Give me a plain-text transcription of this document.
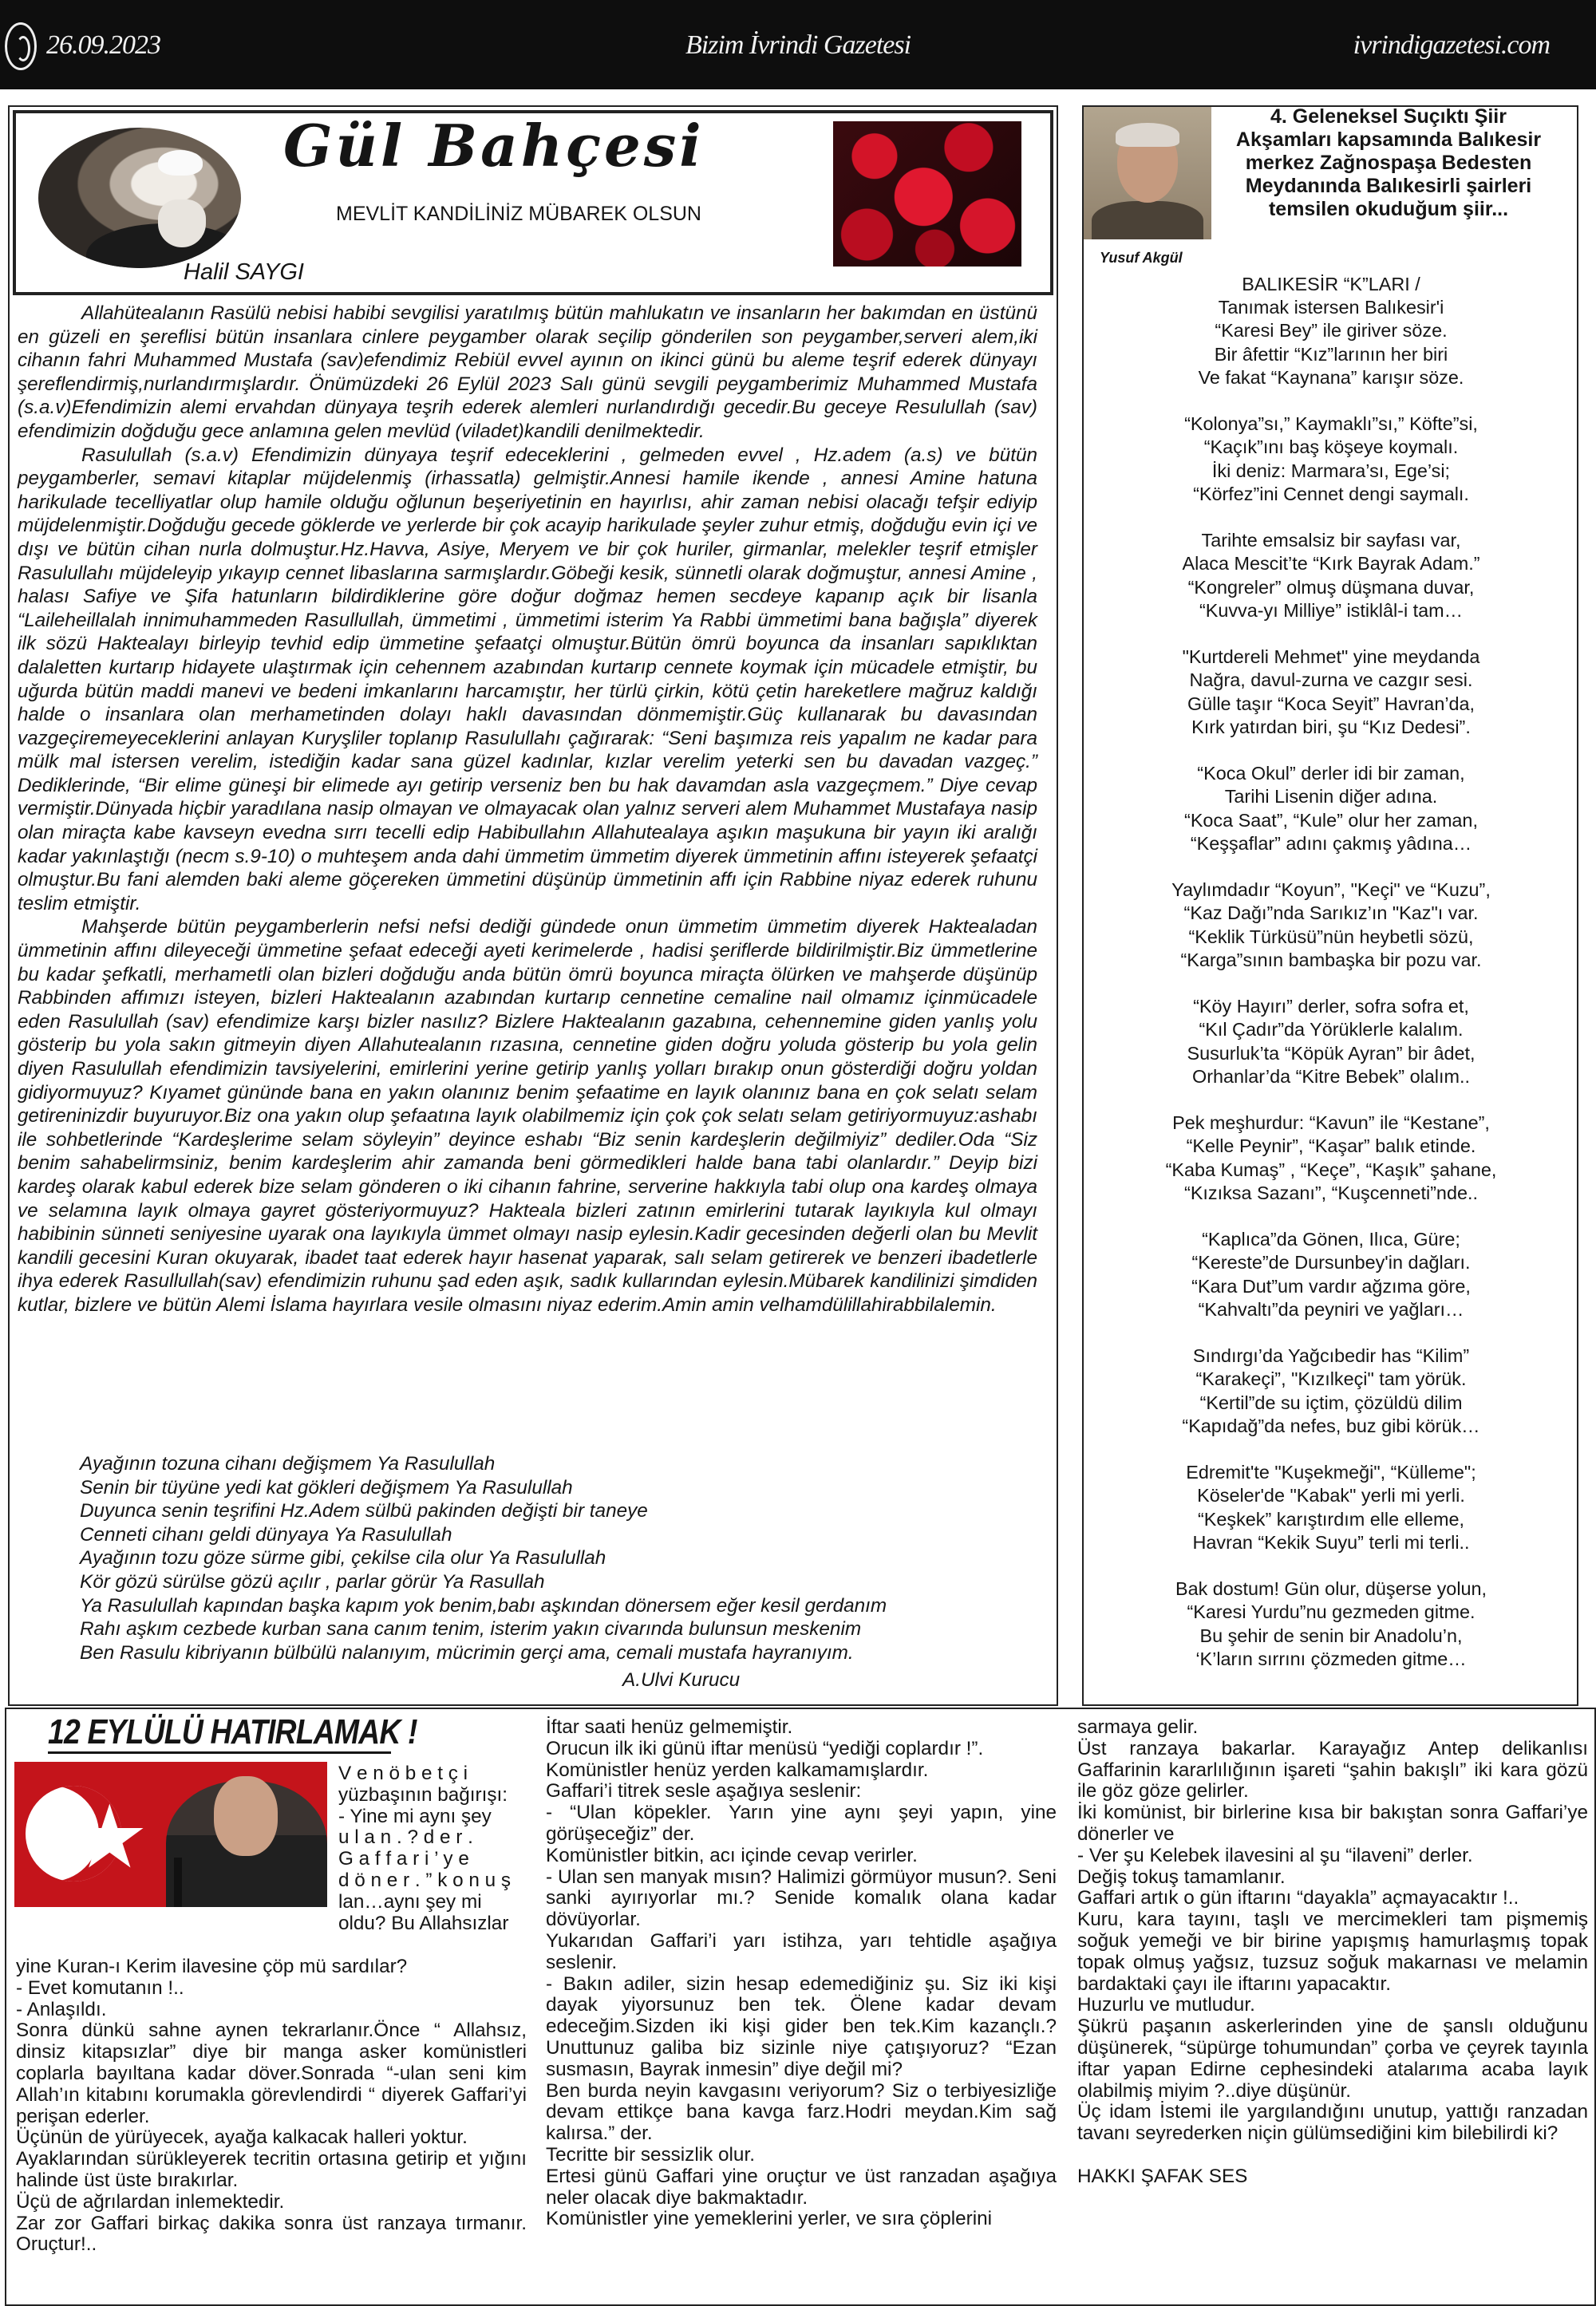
26.09.2023	Bizim İvrindi Gazetesi	ivrindigazetesi.com
Gül Bahçesi
MEVLİT KANDİLİNİZ MÜBAREK OLSUN
Halil SAYGI

Allahütealanın Rasülü nebisi habibi sevgilisi yaratılmış bütün mahlukatın ve insanların her bakımdan en üstünü en güzeli en şereflisi bütün insanlara cinlere peygamber olarak seçilip gönderilen son peygamber,serveri alem,iki cihanın fahri Muhammed Mustafa (sav)efendimiz Rebiül evvel ayının on ikinci günü bu aleme teşrif ederek dünyayı şereflendirmiş,nurlandırmışlardır. Önümüzdeki 26 Eylül 2023 Salı günü sevgili peygamberimiz Muhammed Mustafa (s.a.v)Efendimizin alemi ervahdan dünyaya teşrih ederek alemleri nurlandırdığı gecedir.Bu geceye Resulullah (sav) efendimizin doğduğu gece anlamına gelen mevlüd (viladet)kandili denilmektedir.

Rasulullah (s.a.v) Efendimizin dünyaya teşrif edeceklerini , gelmeden evvel , Hz.adem (a.s) ve bütün peygamberler, semavi kitaplar müjdelenmiş (irhassatla) gelmiştir.Annesi hamile ikende , annesi Amine hatuna harikulade tecelliyatlar olup hamile olduğu oğlunun beşeriyetinin en hayırlısı, ahir zaman nebisi olacağı tefşir ediyip müjdelenmiştir.Doğduğu gecede göklerde ve yerlerde bir çok acayip harikulade şeyler zuhur etmiş, doğduğu evin içi ve dışı ve bütün cihan nurla dolmuştur.Hz.Havva, Asiye, Meryem ve bir çok huriler, girmanlar, melekler teşrif etmişler Rasulullahı müjdeleyip yıkayıp cennet libaslarına sarmışlardır.Göbeği kesik, sünnetli olarak doğmuştur, annesi Amine , halası Safiye ve Şifa hatunların bildirdiklerine göre doğur doğmaz hemen secdeye kapanıp açık bir lisanla “Laileheillalah innimuhammeden Rasullullah, ümmetimi , ümmetimi isterim Ya Rabbi ümmetimi bana bağışla” diyerek ilk sözü Haktealayı birleyip tevhid edip ümmetine şefaatçi olmuştur.Bütün ömrü boyunca da insanları sapıklıktan dalaletten kurtarıp hidayete ulaştırmak için cehennem azabından kurtarıp cennete koymak için mücadele etmiştir, bu uğurda bütün maddi manevi ve bedeni imkanlarını harcamıştır, her türlü çirkin, kötü çetin hareketlere mağruz kaldığı halde o insanlara olan merhametinden dolayı haklı davasından dönmemiştir.Güç kullanarak bu davasından vazgeçiremeyeceklerini anlayan Kuryşliler toplanıp Rasulullahı çağırarak: “Seni başımıza reis yapalım ne kadar para mülk mal istersen verelim, istediğin kadar sana güzel kadınlar, kızlar verelim yeterki sen bu davadan vazgeç.” Dediklerinde, “Bir elime güneşi bir elimede ayı getirip verseniz ben bu hak davamdan asla vazgeçmem.” Diye cevap vermiştir.Dünyada hiçbir yaradılana nasip olmayan ve olmayacak olan yalnız serveri alem Muhammet Mustafaya nasip olan miraçta kabe kavseyn evedna sırrı tecelli edip Habibullahın Allahutealaya aşıkın maşukuna bir yayın iki aralığı kadar yakınlaştığı (necm s.9-10) o muhteşem anda dahi ümmetim ümmetim diyerek ümmetinin affını isteyerek şefaatçi olmuştur.Bu fani alemden baki aleme göçereken ümmetini düşünüp ümmetinin affı için Rabbine niyaz ederek ruhunu teslim etmiştir.

Mahşerde bütün peygamberlerin nefsi nefsi dediği gündede onun ümmetim ümmetim diyerek Haktealadan ümmetinin affını dileyeceği ümmetine şefaat edeceği ayeti kerimelerde , hadisi şeriflerde bildirilmiştir.Biz ümmetlerine bu kadar şefkatli, merhametli olan bizleri doğduğu anda bütün ömrü boyunca miraçta ölürken ve mahşerde düşünüp Rabbinden affımızı isteyen, bizleri Haktealanın azabından kurtarıp cennetine cemaline nail olmamız içinmücadele eden Rasulullah (sav) efendimize karşı bizler nasılız? Bizlere Haktealanın gazabına, cehennemine giden yanlış yolu gösterip bu yola sakın gitmeyin diyen Allahutealanın rızasına, cennetine giden doğru yoluda gösterip bu yola gelin diyen Rasulullah efendimizin tavsiyelerini, emirlerini yerine getirip yanlış yolları bırakıp onun gösterdiği doğru yoldan gidiyormuyuz? Kıyamet gününde bana en yakın olanınız benim şefaatime en layık olanınız bana en çok selatı selam getireninizdir buyuruyor.Biz ona yakın olup şefaatına layık olabilmemiz için çok çok selatı selam getiriyormuyuz:ashabı ile sohbetlerinde “Kardeşlerime selam söyleyin” deyince eshabı “Biz senin kardeşlerin değilmiyiz” dediler.Oda “Siz benim sahabelirmsiniz, benim kardeşlerim ahir zamanda beni görmedikleri halde bana tabi olanlardır.” Deyip bizi kardeş olarak kabul ederek bize selam gönderen o iki cihanın fahrine, serverine hakkıyla tabi olup ona kardeş olmaya ve selamına layık olmaya gayret gösteriyormuyuz? Hakteala bizleri zatının emirlerini tutarak layıkıyla kul olmayı habibinin sünneti seniyesine uyarak ona layıkıyla ümmet olmayı nasip eylesin.Kadir gecesinden değerli olan bu Mevlit kandili gecesini Kuran okuyarak, ibadet taat ederek hayır hasenat yaparak, salı selam getirerek ve benzeri ibadetlerle ihya ederek Rasullullah(sav) efendimizin ruhunu şad eden aşık, sadık kullarından eylesin.Mübarek kandilinizi şimdiden kutlar, bizlere ve bütün Alemi İslama hayırlara vesile olmasını niyaz ederim.Amin amin velhamdülillahirabbilalemin.

Ayağının tozuna cihanı değişmem Ya Rasulullah
Senin bir tüyüne yedi kat gökleri değişmem Ya Rasulullah
Duyunca senin teşrifini Hz.Adem sülbü pakinden değişti bir taneye
Cenneti cihanı geldi dünyaya Ya Rasulullah
Ayağının tozu göze sürme gibi, çekilse cila olur Ya Rasulullah
Kör gözü sürülse gözü açılır , parlar görür Ya Rasullah
Ya Rasulullah kapından başka kapım yok benim,babı aşkından dönersem eğer kesil gerdanım
Rahı aşkım cezbede kurban sana canım tenim, isterim yakın civarında bulunsun meskenim
Ben Rasulu kibriyanın bülbülü nalanıyım, mücrimin gerçi ama, cemali mustafa hayranıyım.
A.Ulvi Kurucu
Yusuf Akgül
4. Geleneksel Suçıktı Şiir Akşamları kapsamında Balıkesir merkez Zağnospaşa Bedesten Meydanında Balıkesirli şairleri temsilen okuduğum şiir...
BALIKESİR “K”LARI /
Tanımak istersen Balıkesir'i
“Karesi Bey” ile giriver söze.
Bir âfettir “Kız”larının her biri
Ve fakat “Kaynana” karışır söze.
“Kolonya”sı,” Kaymaklı”sı,” Köfte”si,
“Kaçık”ını baş köşeye koymalı.
İki deniz: Marmara’sı, Ege’si;
“Körfez”ini Cennet dengi saymalı.
Tarihte emsalsiz bir sayfası var,
Alaca Mescit’te “Kırk Bayrak Adam.”
“Kongreler” olmuş düşmana duvar,
“Kuvva-yı Milliye” istiklâl-i tam…
"Kurtdereli Mehmet" yine meydanda
Nağra, davul-zurna ve cazgır sesi.
Gülle taşır “Koca Seyit” Havran’da,
Kırk yatırdan biri, şu “Kız Dedesi”.
“Koca Okul” derler idi bir zaman,
Tarihi Lisenin diğer adına.
“Koca Saat”, “Kule” olur her zaman,
“Keşşaflar” adını çakmış yâdına…
Yaylımdadır “Koyun”, "Keçi" ve “Kuzu”,
“Kaz Dağı”nda Sarıkız’ın "Kaz"ı var.
“Keklik Türküsü”nün heybetli sözü,
“Karga”sının bambaşka bir pozu var.
“Köy Hayırı” derler, sofra sofra et,
“Kıl Çadır”da Yörüklerle kalalım.
Susurluk’ta “Köpük Ayran” bir âdet,
Orhanlar’da “Kitre Bebek” olalım..
Pek meşhurdur: “Kavun” ile “Kestane”,
“Kelle Peynir”, “Kaşar” balık etinde.
“Kaba Kumaş” , “Keçe”, “Kaşık” şahane,
“Kızıksa Sazanı”, “Kuşcenneti”nde..
“Kaplıca”da Gönen, Ilıca, Güre;
“Kereste”de Dursunbey'in dağları.
“Kara Dut”um vardır ağzıma göre,
“Kahvaltı”da peyniri ve yağları…
Sındırgı’da Yağcıbedir has “Kilim”
“Karakeçi”, "Kızılkeçi" tam yörük.
“Kertil”de su içtim, çözüldü dilim
“Kapıdağ”da nefes, buz gibi körük…
Edremit'te "Kuşekmeği", “Külleme";
Köseler'de "Kabak" yerli mi yerli.
“Keşkek” karıştırdım elle elleme,
Havran “Kekik Suyu” terli mi terli..
Bak dostum! Gün olur, düşerse yolun,
“Karesi Yurdu”nu gezmeden gitme.
Bu şehir de senin bir Anadolu’n,
‘K’ların sırrını çözmeden gitme…
12 EYLÜLÜ HATIRLAMAK !
★
V e n ö b e t ç i
yüzbaşının bağırışı:
- Yine mi aynı şey
u l a n . ? d e r .
G a f f a r i ’ y e
d ö n e r . ” k o n u ş
lan…aynı şey mi
oldu? Bu Allahsızlar
yine Kuran-ı Kerim ilavesine çöp mü sardılar?
- Evet komutanın !..
- Anlaşıldı.
Sonra dünkü sahne aynen tekrarlanır.Önce “ Allahsız, dinsiz kitapsızlar” diye bir manga asker komünistleri coplarla bayıltana kadar döver.Sonrada “-ulan seni kim Allah’ın kitabını korumakla görevlendirdi “ diyerek Gaffari’yi perişan ederler.
Üçünün de yürüyecek, ayağa kalkacak halleri yoktur.
Ayaklarından sürükleyerek tecritin ortasına getirip et yığını halinde üst üste bırakırlar.
Üçü de ağrılardan inlemektedir.
Zar zor Gaffari birkaç dakika sonra üst ranzaya tırmanır. Oruçtur!..
İftar saati henüz gelmemiştir.
Orucun ilk iki günü iftar menüsü “yediği coplardır !”.
Komünistler henüz yerden kalkamamışlardır.
Gaffari’i titrek sesle aşağıya seslenir:
- “Ulan köpekler. Yarın yine aynı şeyi yapın, yine görüşeceğiz” der.
Komünistler bitkin, acı içinde cevap verirler.
- Ulan sen manyak mısın? Halimizi görmüyor musun?. Seni sanki ayırıyorlar mı.? Senide komalık olana kadar dövüyorlar.
Yukarıdan Gaffari’i yarı istihza, yarı tehtidle aşağıya seslenir.
- Bakın adiler, sizin hesap edemediğiniz şu. Siz iki kişi dayak yiyorsunuz ben tek. Ölene kadar devam edeceğim.Sizden iki kişi gider ben tek.Kim kazançlı.? Unuttunuz galiba biz sizinle niye çatışıyoruz? “Ezan susmasın, Bayrak inmesin” diye değil mi?
Ben burda neyin kavgasını veriyorum? Siz o terbiyesizliğe devam ettikçe bana kavga farz.Hodri meydan.Kim sağ kalırsa.” der.
Tecritte bir sessizlik olur.
Ertesi günü Gaffari yine oruçtur ve üst ranzadan aşağıya neler olacak diye bakmaktadır.
Komünistler yine yemeklerini yerler, ve sıra çöplerini
sarmaya gelir.
Üst ranzaya bakarlar. Karayağız Antep delikanlısı Gaffarinin kararlılığının işareti “şahin bakışlı” iki kara gözü ile göz göze gelirler.
İki komünist, bir birlerine kısa bir bakıştan sonra Gaffari’ye dönerler ve
- Ver şu Kelebek ilavesini al şu “ilaveni” derler.
Değiş tokuş tamamlanır.
Gaffari artık o gün iftarını “dayakla” açmayacaktır !..
Kuru, kara tayını, taşlı ve mercimekleri tam pişmemiş soğuk yemeği ve bir birine yapışmış hamurlaşmış topak topak olmuş yağsız, tuzsuz soğuk makarnası ve melamin bardaktaki çayı ile iftarını yapacaktır.
Huzurlu ve mutludur.
Şükrü paşanın askerlerinden yine de şanslı olduğunu düşünerek, “süpürge tohumundan” çorba ve çeyrek tayınla iftar yapan Edirne cephesindeki atalarıma acaba layık olabilmiş miyim ?..diye düşünür.
Üç idam İstemi ile yargılandığını unutup, yattığı ranzadan tavanı seyrederken niçin gülümsediğini kim bilebilirdi ki?

HAKKI ŞAFAK SES
